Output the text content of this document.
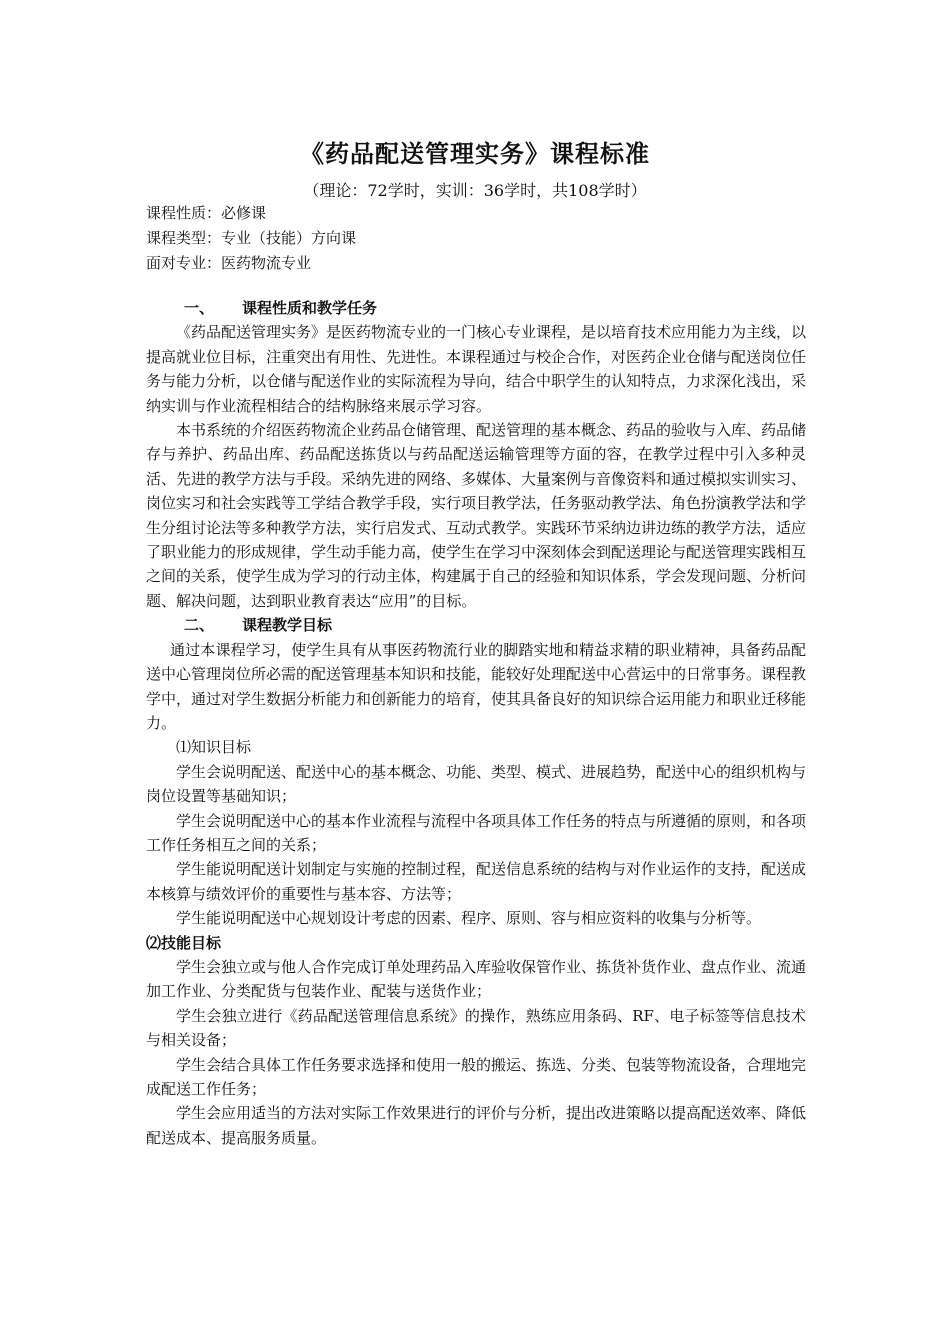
《药品配送管理实务》课程标准
（理论：72学时，实训：36学时，共108学时）
课程性质：必修课
课程类型：专业（技能）方向课
面对专业：医药物流专业

一、 课程性质和教学任务

《药品配送管理实务》是医药物流专业的一门核心专业课程，是以培育技术应用能力为主线，以提高就业位目标，注重突出有用性、先进性。本课程通过与校企合作，对医药企业仓储与配送岗位任务与能力分析，以仓储与配送作业的实际流程为导向，结合中职学生的认知特点，力求深化浅出，采纳实训与作业流程相结合的结构脉络来展示学习容。

本书系统的介绍医药物流企业药品仓储管理、配送管理的基本概念、药品的验收与入库、药品储存与养护、药品出库、药品配送拣货以与药品配送运输管理等方面的容，在教学过程中引入多种灵活、先进的教学方法与手段。采纳先进的网络、多媒体、大量案例与音像资料和通过模拟实训实习、岗位实习和社会实践等工学结合教学手段，实行项目教学法，任务驱动教学法、角色扮演教学法和学生分组讨论法等多种教学方法，实行启发式、互动式教学。实践环节采纳边讲边练的教学方法，适应了职业能力的形成规律，学生动手能力高，使学生在学习中深刻体会到配送理论与配送管理实践相互之间的关系，使学生成为学习的行动主体，构建属于自己的经验和知识体系，学会发现问题、分析问题、解决问题，达到职业教育表达“应用”的目标。

二、 课程教学目标

通过本课程学习，使学生具有从事医药物流行业的脚踏实地和精益求精的职业精神，具备药品配送中心管理岗位所必需的配送管理基本知识和技能，能较好处理配送中心营运中的日常事务。课程教学中，通过对学生数据分析能力和创新能力的培育，使其具备良好的知识综合运用能力和职业迁移能力。

⑴知识目标

学生会说明配送、配送中心的基本概念、功能、类型、模式、进展趋势，配送中心的组织机构与岗位设置等基础知识；

学生会说明配送中心的基本作业流程与流程中各项具体工作任务的特点与所遵循的原则，和各项工作任务相互之间的关系；

学生能说明配送计划制定与实施的控制过程，配送信息系统的结构与对作业运作的支持，配送成本核算与绩效评价的重要性与基本容、方法等；

学生能说明配送中心规划设计考虑的因素、程序、原则、容与相应资料的收集与分析等。

⑵技能目标

学生会独立或与他人合作完成订单处理药品入库验收保管作业、拣货补货作业、盘点作业、流通加工作业、分类配货与包装作业、配装与送货作业；

学生会独立进行《药品配送管理信息系统》的操作，熟练应用条码、RF、电子标签等信息技术与相关设备；

学生会结合具体工作任务要求选择和使用一般的搬运、拣选、分类、包装等物流设备，合理地完成配送工作任务；

学生会应用适当的方法对实际工作效果进行的评价与分析，提出改进策略以提高配送效率、降低配送成本、提高服务质量。
